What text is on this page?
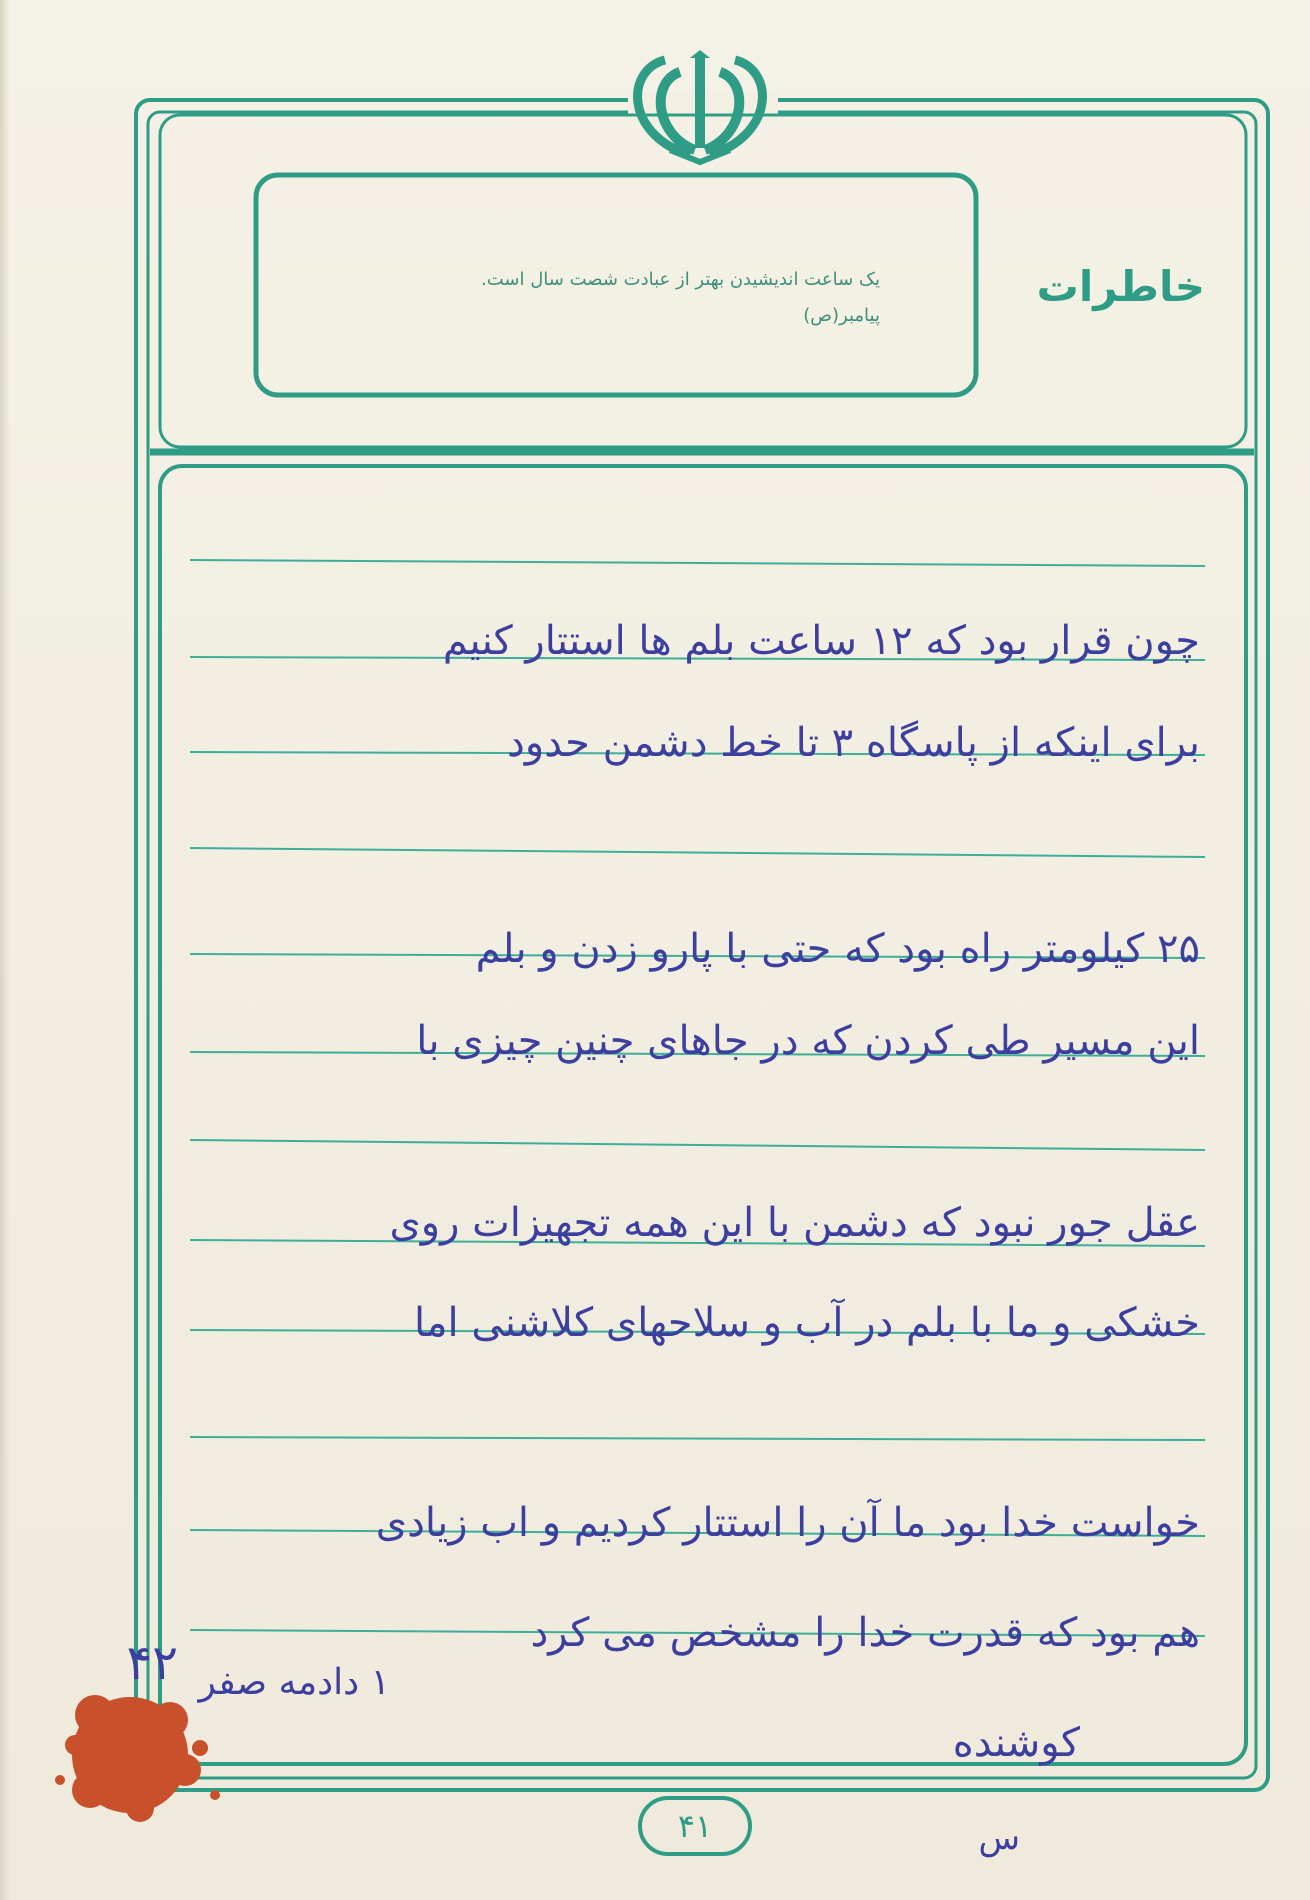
خاطرات
یک ساعت اندیشیدن بهتر از عبادت شصت سال است.
پیامبر(ص)
چون قرار بود که ۱۲ ساعت بلم ها استتار کنیم
برای اینکه از پاسگاه ۳ تا خط دشمن حدود
۲۵ کیلومتر راه بود که حتی با پارو زدن و بلم
این مسیر طی کردن که در جاهای چنین چیزی با
عقل جور نبود که دشمن با این همه تجهیزات روی
خشکی و ما با بلم در آب و سلاحهای کلاشنی اما
خواست خدا بود ما آن را استتار کردیم و اب زیادی
هم بود که قدرت خدا را مشخص می کرد
۱ دادمه صفر
۴۲
کوشنده
س
۴۱
